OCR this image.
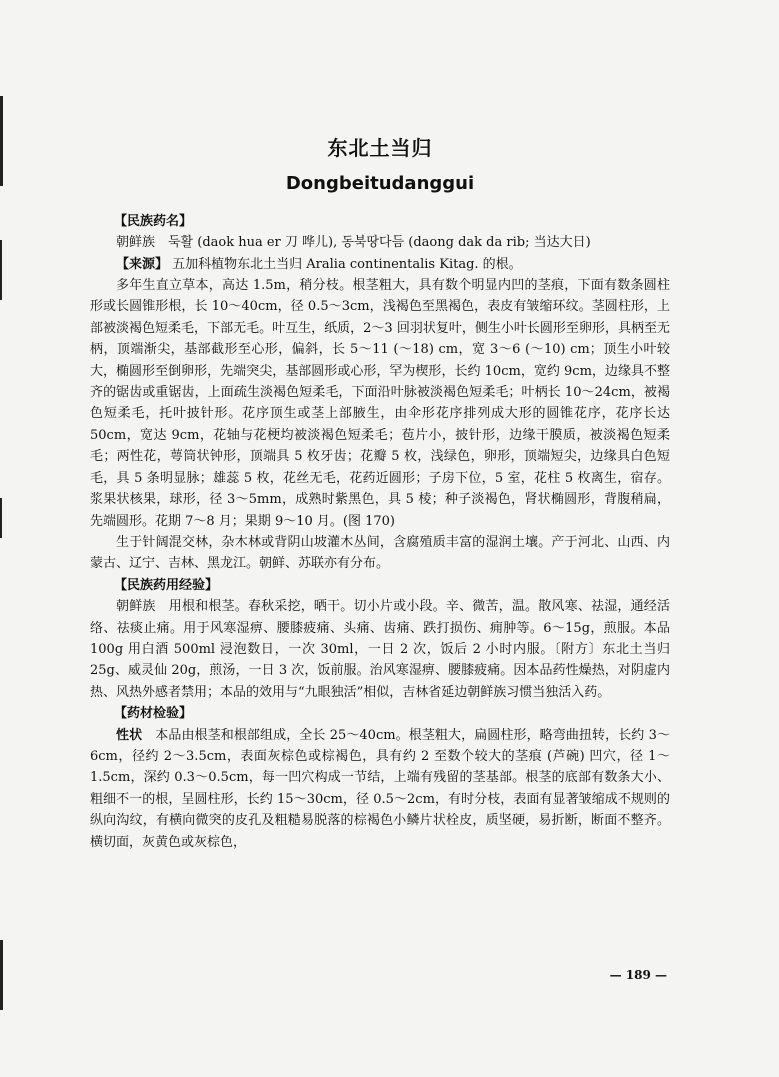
东北土当归
Dongbeitudanggui
【民族药名】

朝鲜族　둑활 (daok hua er 刀 哗儿), 동북땅다듬 (daong dak da rib; 当达大日)

【来源】 五加科植物东北土当归 Aralia continentalis Kitag. 的根。

多年生直立草本，高达 1.5m，稍分枝。根茎粗大，具有数个明显内凹的茎痕，下面有数条圆柱形或长圆锥形根，长 10～40cm，径 0.5～3cm，浅褐色至黑褐色，表皮有皱缩环纹。茎圆柱形，上部被淡褐色短柔毛，下部无毛。叶互生，纸质，2～3 回羽状复叶，侧生小叶长圆形至卵形，具柄至无柄，顶端渐尖，基部截形至心形，偏斜，长 5～11 (～18) cm，宽 3～6 (～10) cm；顶生小叶较大，椭圆形至倒卵形，先端突尖，基部圆形或心形，罕为楔形，长约 10cm，宽约 9cm，边缘具不整齐的锯齿或重锯齿，上面疏生淡褐色短柔毛，下面沿叶脉被淡褐色短柔毛；叶柄长 10～24cm，被褐色短柔毛，托叶披针形。花序顶生或茎上部腋生，由伞形花序排列成大形的圆锥花序，花序长达 50cm，宽达 9cm，花轴与花梗均被淡褐色短柔毛；苞片小，披针形，边缘干膜质，被淡褐色短柔毛；两性花，萼筒状钟形，顶端具 5 枚牙齿；花瓣 5 枚，浅绿色，卵形，顶端短尖，边缘具白色短毛，具 5 条明显脉；雄蕊 5 枚，花丝无毛，花药近圆形；子房下位，5 室，花柱 5 枚离生，宿存。浆果状核果，球形，径 3～5mm，成熟时紫黑色，具 5 棱；种子淡褐色，肾状椭圆形，背腹稍扁，先端圆形。花期 7～8 月；果期 9～10 月。(图 170)

生于针阔混交林，杂木林或背阴山坡灌木丛间，含腐殖质丰富的湿润土壤。产于河北、山西、内蒙古、辽宁、吉林、黑龙江。朝鲜、苏联亦有分布。

【民族药用经验】

朝鲜族　用根和根茎。春秋采挖，晒干。切小片或小段。辛、微苦，温。散风寒、祛湿，通经活络、祛痰止痛。用于风寒湿痹、腰膝疲痛、头痛、齿痛、跌打损伤、痈肿等。6～15g，煎服。本品 100g 用白酒 500ml 浸泡数日，一次 30ml，一日 2 次，饭后 2 小时内服。〔附方〕东北土当归 25g、威灵仙 20g，煎汤，一日 3 次，饭前服。治风寒湿痹、腰膝疲痛。因本品药性燥热，对阴虚内热、风热外感者禁用；本品的效用与“九眼独活”相似，吉林省延边朝鲜族习惯当独活入药。

【药材检验】

性状　 本品由根茎和根部组成，全长 25～40cm。根茎粗大，扁圆柱形，略弯曲扭转，长约 3～6cm，径约 2～3.5cm，表面灰棕色或棕褐色，具有约 2 至数个较大的茎痕 (芦碗) 凹穴，径 1～1.5cm，深约 0.3～0.5cm，每一凹穴构成一节结，上端有残留的茎基部。根茎的底部有数条大小、粗细不一的根，呈圆柱形，长约 15～30cm，径 0.5～2cm，有时分枝，表面有显著皱缩成不规则的纵向沟纹，有横向微突的皮孔及粗糙易脱落的棕褐色小鳞片状栓皮，质坚硬，易折断，断面不整齐。横切面，灰黄色或灰棕色，

— 189 —
